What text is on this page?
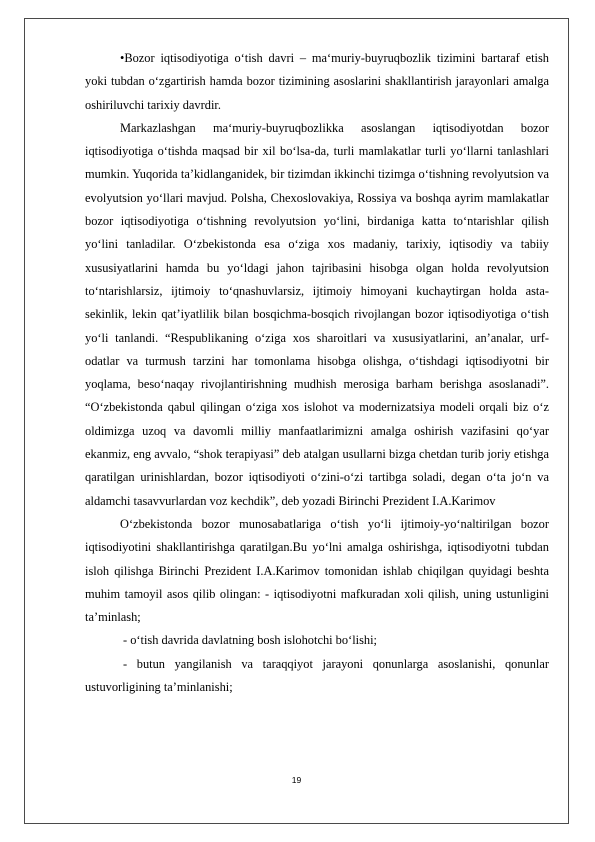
•Bozor iqtisodiyotiga o‘tish davri – ma‘muriy-buyruqbozlik tizimini bartaraf etish yoki tubdan o‘zgartirish hamda bozor tizimining asoslarini shakllantirish jarayonlari amalga oshiriluvchi tarixiy davrdir.

Markazlashgan ma‘muriy-buyruqbozlikka asoslangan iqtisodiyotdan bozor iqtisodiyotiga o‘tishda maqsad bir xil bo‘lsa-da, turli mamlakatlar turli yo‘llarni tanlashlari mumkin. Yuqorida ta’kidlanganidek, bir tizimdan ikkinchi tizimga o‘tishning revolyutsion va evolyutsion yo‘llari mavjud. Polsha, Chexoslovakiya, Rossiya va boshqa ayrim mamlakatlar bozor iqtisodiyotiga o‘tishning revolyutsion yo‘lini, birdaniga katta to‘ntarishlar qilish yo‘lini tanladilar. O‘zbekistonda esa o‘ziga xos madaniy, tarixiy, iqtisodiy va tabiiy xususiyatlarini hamda bu yo‘ldagi jahon tajribasini hisobga olgan holda revolyutsion to‘ntarishlarsiz, ijtimoiy to‘qnashuvlarsiz, ijtimoiy himoyani kuchaytirgan holda asta-sekinlik, lekin qat’iyatlilik bilan bosqichma-bosqich rivojlangan bozor iqtisodiyotiga o‘tish yo‘li tanlandi. “Respublikaning o‘ziga xos sharoitlari va xususiyatlarini, an’analar, urf-odatlar va turmush tarzini har tomonlama hisobga olishga, o‘tishdagi iqtisodiyotni bir yoqlama, beso‘naqay rivojlantirishning mudhish merosiga barham berishga asoslanadi”. “O‘zbekistonda qabul qilingan o‘ziga xos islohot va modernizatsiya modeli orqali biz o‘z oldimizga uzoq va davomli milliy manfaatlarimizni amalga oshirish vazifasini qo‘yar ekanmiz, eng avvalo, “shok terapiyasi” deb atalgan usullarni bizga chetdan turib joriy etishga qaratilgan urinishlardan, bozor iqtisodiyoti o‘zini-o‘zi tartibga soladi, degan o‘ta jo‘n va aldamchi tasavvurlardan voz kechdik”, deb yozadi Birinchi Prezident I.A.Karimov

O‘zbekistonda bozor munosabatlariga o‘tish yo‘li ijtimoiy-yo‘naltirilgan bozor iqtisodiyotini shakllantirishga qaratilgan.Bu yo‘lni amalga oshirishga, iqtisodiyotni tubdan isloh qilishga Birinchi Prezident I.A.Karimov tomonidan ishlab chiqilgan quyidagi beshta muhim tamoyil asos qilib olingan: - iqtisodiyotni mafkuradan xoli qilish, uning ustunligini ta’minlash;

- o‘tish davrida davlatning bosh islohotchi bo‘lishi;

- butun yangilanish va taraqqiyot jarayoni qonunlarga asoslanishi, qonunlar ustuvorligining ta’minlanishi;

19
